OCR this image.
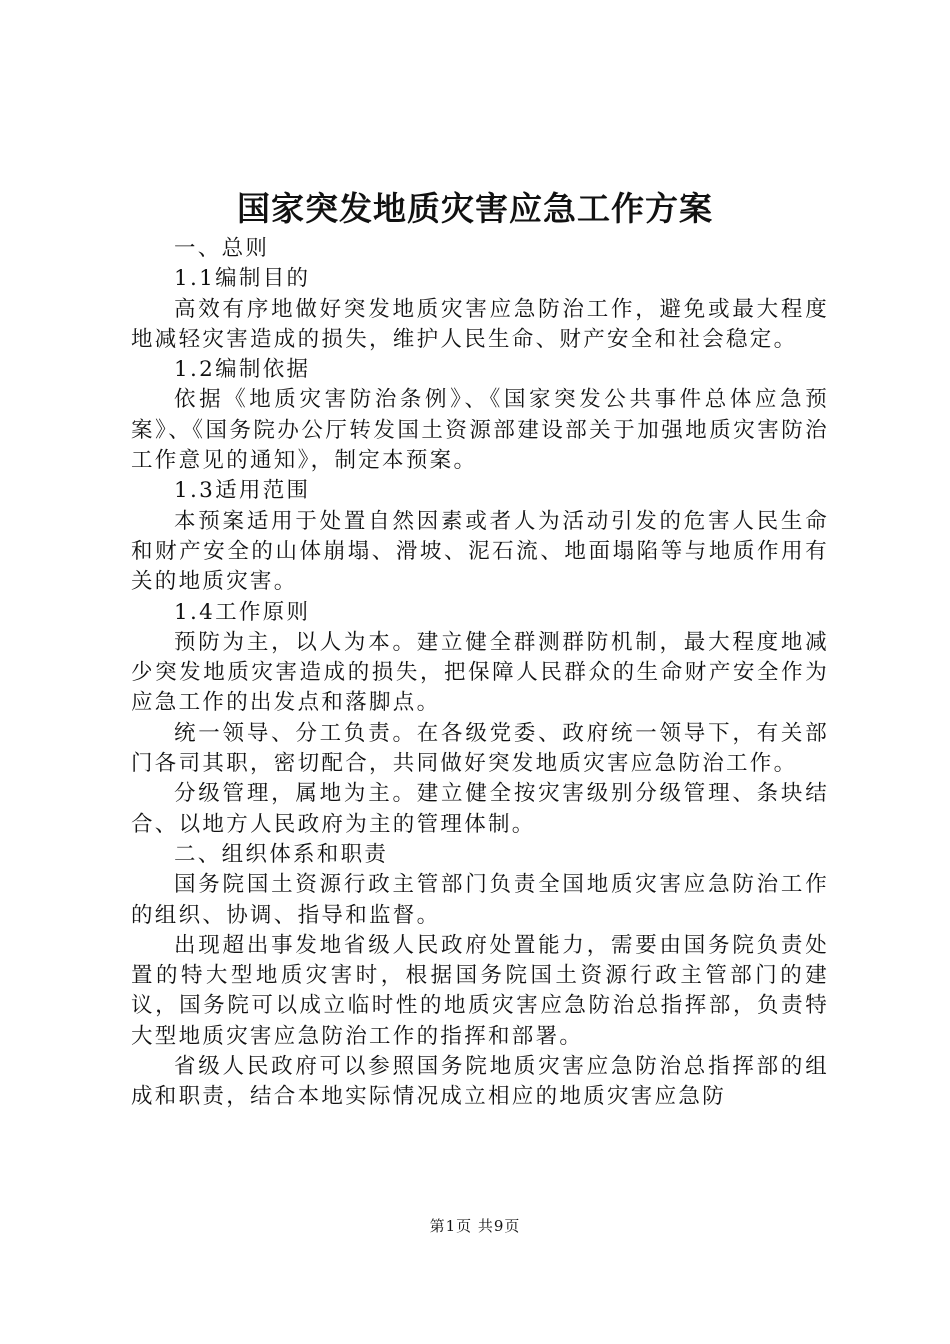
国家突发地质灾害应急工作方案

一、总则

1.1编制目的

高效有序地做好突发地质灾害应急防治工作，避免或最大程度地减轻灾害造成的损失，维护人民生命、财产安全和社会稳定。

1.2编制依据

依据《地质灾害防治条例》、《国家突发公共事件总体应急预案》、《国务院办公厅转发国土资源部建设部关于加强地质灾害防治工作意见的通知》，制定本预案。

1.3适用范围

本预案适用于处置自然因素或者人为活动引发的危害人民生命和财产安全的山体崩塌、滑坡、泥石流、地面塌陷等与地质作用有关的地质灾害。

1.4工作原则

预防为主，以人为本。建立健全群测群防机制，最大程度地减少突发地质灾害造成的损失，把保障人民群众的生命财产安全作为应急工作的出发点和落脚点。

统一领导、分工负责。在各级党委、政府统一领导下，有关部门各司其职，密切配合，共同做好突发地质灾害应急防治工作。

分级管理，属地为主。建立健全按灾害级别分级管理、条块结合、以地方人民政府为主的管理体制。

二、组织体系和职责

国务院国土资源行政主管部门负责全国地质灾害应急防治工作的组织、协调、指导和监督。

出现超出事发地省级人民政府处置能力，需要由国务院负责处置的特大型地质灾害时，根据国务院国土资源行政主管部门的建议，国务院可以成立临时性的地质灾害应急防治总指挥部，负责特大型地质灾害应急防治工作的指挥和部署。

省级人民政府可以参照国务院地质灾害应急防治总指挥部的组成和职责，结合本地实际情况成立相应的地质灾害应急防

第1页 共9页
